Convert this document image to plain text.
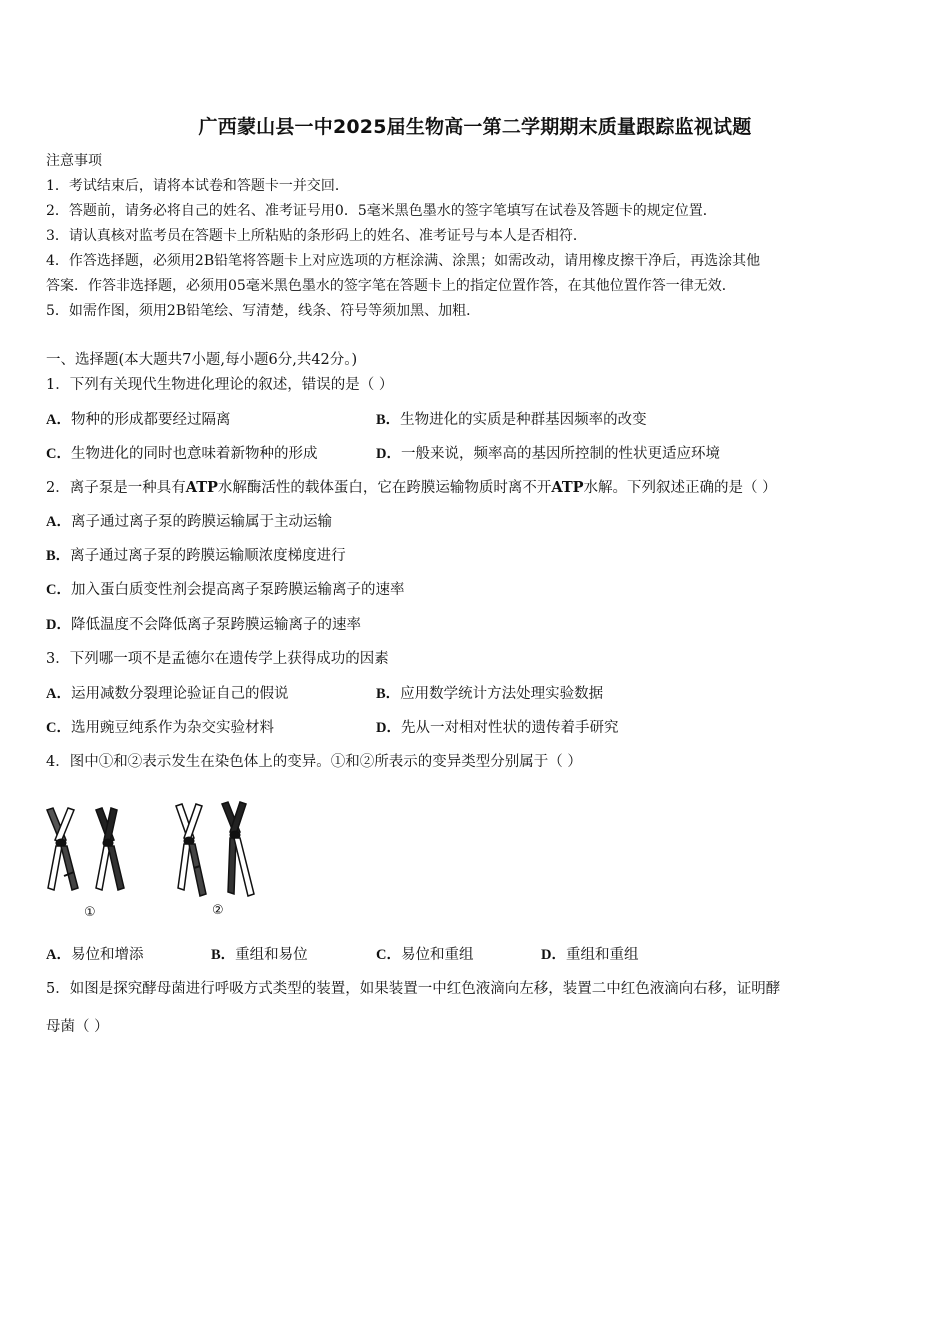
广西蒙山县一中2025届生物高一第二学期期末质量跟踪监视试题
注意事项
1．考试结束后，请将本试卷和答题卡一并交回．
2．答题前，请务必将自己的姓名、准考证号用0．5毫米黑色墨水的签字笔填写在试卷及答题卡的规定位置．
3．请认真核对监考员在答题卡上所粘贴的条形码上的姓名、准考证号与本人是否相符．
4．作答选择题，必须用2B铅笔将答题卡上对应选项的方框涂满、涂黑；如需改动，请用橡皮擦干净后，再选涂其他
答案．作答非选择题，必须用05毫米黑色墨水的签字笔在答题卡上的指定位置作答，在其他位置作答一律无效．
5．如需作图，须用2B铅笔绘、写清楚，线条、符号等须加黑、加粗．
一、选择题(本大题共7小题,每小题6分,共42分。)
1．下列有关现代生物进化理论的叙述，错误的是（ ）
A．物种的形成都要经过隔离	B．生物进化的实质是种群基因频率的改变
C．生物进化的同时也意味着新物种的形成	D．一般来说，频率高的基因所控制的性状更适应环境
2．离子泵是一种具有ATP水解酶活性的载体蛋白，它在跨膜运输物质时离不开ATP水解。下列叙述正确的是（ ）
A．离子通过离子泵的跨膜运输属于主动运输
B．离子通过离子泵的跨膜运输顺浓度梯度进行
C．加入蛋白质变性剂会提高离子泵跨膜运输离子的速率
D．降低温度不会降低离子泵跨膜运输离子的速率
3．下列哪一项不是孟德尔在遗传学上获得成功的因素
A．运用减数分裂理论验证自己的假说	B．应用数学统计方法处理实验数据
C．选用豌豆纯系作为杂交实验材料	D．先从一对相对性状的遗传着手研究
4．图中①和②表示发生在染色体上的变异。①和②所表示的变异类型分别属于（ ）
①	②
A．易位和增添	B．重组和易位	C．易位和重组	D．重组和重组
5．如图是探究酵母菌进行呼吸方式类型的装置，如果装置一中红色液滴向左移，装置二中红色液滴向右移，证明酵
母菌（ ）
